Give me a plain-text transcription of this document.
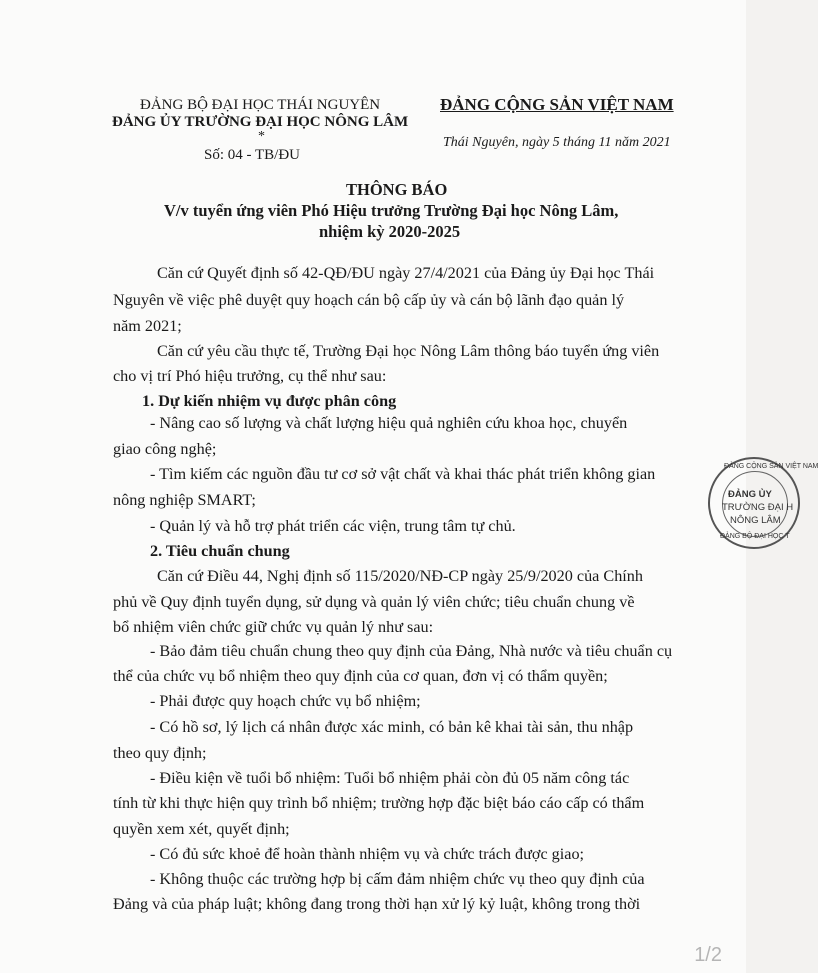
ĐẢNG BỘ ĐẠI HỌC THÁI NGUYÊN
ĐẢNG ỦY TRƯỜNG ĐẠI HỌC NÔNG LÂM
*
Số: 04 - TB/ĐU
ĐẢNG CỘNG SẢN VIỆT NAM
Thái Nguyên, ngày 5 tháng 11 năm 2021
THÔNG BÁO
V/v tuyển ứng viên Phó Hiệu trưởng Trường Đại học Nông Lâm,
nhiệm kỳ 2020-2025
Căn cứ Quyết định số 42-QĐ/ĐU ngày 27/4/2021 của Đảng ủy Đại học Thái
Nguyên về việc phê duyệt quy hoạch cán bộ cấp ủy và cán bộ lãnh đạo quản lý
năm 2021;
Căn cứ yêu cầu thực tế, Trường Đại học Nông Lâm thông báo tuyển ứng viên
cho vị trí Phó hiệu trưởng, cụ thể như sau:
1. Dự kiến nhiệm vụ được phân công
- Nâng cao số lượng và chất lượng hiệu quả nghiên cứu khoa học, chuyển
giao công nghệ;
- Tìm kiếm các nguồn đầu tư cơ sở vật chất và khai thác phát triển không gian
nông nghiệp SMART;
- Quản lý và hỗ trợ phát triển các viện, trung tâm tự chủ.
2. Tiêu chuẩn chung
Căn cứ Điều 44, Nghị định số 115/2020/NĐ-CP ngày 25/9/2020 của Chính
phủ về Quy định tuyển dụng, sử dụng và quản lý viên chức; tiêu chuẩn chung về
bổ nhiệm viên chức giữ chức vụ quản lý như sau:
- Bảo đảm tiêu chuẩn chung theo quy định của Đảng, Nhà nước và tiêu chuẩn cụ
thể của chức vụ bổ nhiệm theo quy định của cơ quan, đơn vị có thẩm quyền;
- Phải được quy hoạch chức vụ bổ nhiệm;
- Có hồ sơ, lý lịch cá nhân được xác minh, có bản kê khai tài sản, thu nhập
theo quy định;
- Điều kiện về tuổi bổ nhiệm: Tuổi bổ nhiệm phải còn đủ 05 năm công tác
tính từ khi thực hiện quy trình bổ nhiệm; trường hợp đặc biệt báo cáo cấp có thẩm
quyền xem xét, quyết định;
- Có đủ sức khoẻ để hoàn thành nhiệm vụ và chức trách được giao;
- Không thuộc các trường hợp bị cấm đảm nhiệm chức vụ theo quy định của
Đảng và của pháp luật; không đang trong thời hạn xử lý kỷ luật, không trong thời
ĐẢNG CỘNG SẢN VIỆT NAM
ĐẢNG ỦY
TRƯỜNG ĐẠI H
NÔNG LÂM
ĐẢNG BỘ ĐẠI HỌC T
1/2
